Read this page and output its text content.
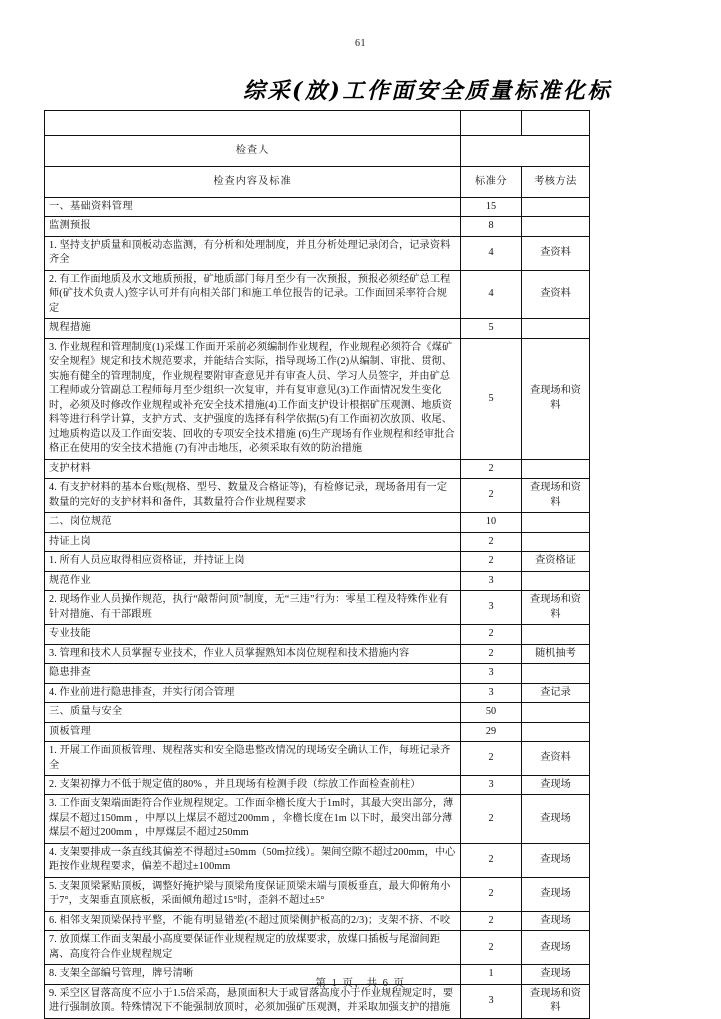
61
综采(放)工作面安全质量标准化标

检查人		
检查内容及标准	标准分	考核方法
一、基础资料管理	15	
监测预报	8	
1. 坚持支护质量和顶板动态监测，有分析和处理制度，并且分析处理记录闭合，记录资料齐全	4	查资料
2. 有工作面地质及水文地质预报，矿地质部门每月至少有一次预报，预报必须经矿总工程师(矿技术负责人)签字认可并有向相关部门和施工单位报告的记录。工作面回采率符合规定	4	查资料
规程措施	5	
3. 作业规程和管理制度(1)采煤工作面开采前必须编制作业规程，作业规程必须符合《煤矿安全规程》规定和技术规范要求，并能结合实际，指导现场工作(2)从编制、审批、贯彻、实施有健全的管理制度，作业规程要附审查意见并有审查人员、学习人员签字，并由矿总工程师或分管副总工程师每月至少组织一次复审，并有复审意见(3)工作面情况发生变化时，必须及时修改作业规程或补充安全技术措施(4)工作面支护设计根据矿压观测、地质资料等进行科学计算，支护方式、支护强度的选择有科学依据(5)有工作面初次放顶、收尾、过地质构造以及工作面安装、回收的专项安全技术措施 (6)生产现场有作业规程和经审批合格正在使用的安全技术措施 (7)有冲击地压，必须采取有效的防治措施	5	查现场和资料
支护材料	2	
4. 有支护材料的基本台账(规格、型号、数量及合格证等)，有检修记录，现场备用有一定数量的完好的支护材料和备件，其数量符合作业规程要求	2	查现场和资料
二、岗位规范	10	
持证上岗	2	
1. 所有人员应取得相应资格证，并持证上岗	2	查资格证
规范作业	3	
2. 现场作业人员操作规范，执行“敲帮问顶”制度，无“三违”行为：零星工程及特殊作业有针对措施、有干部跟班	3	查现场和资料
专业技能	2	
3. 管理和技术人员掌握专业技术，作业人员掌握熟知本岗位规程和技术措施内容	2	随机抽考
隐患排查	3	
4. 作业前进行隐患排查，并实行闭合管理	3	查记录
三、质量与安全	50	
顶板管理	29	
1. 开展工作面顶板管理、规程落实和安全隐患整改情况的现场安全确认工作，每班记录齐全	2	查资料
2. 支架初撑力不低于规定值的80% ，并且现场有检测手段（综放工作面检查前柱）	3	查现场
3. 工作面支架端面距符合作业规程规定。工作面伞檐长度大于1m时，其最大突出部分，薄煤层不超过150mm ，中厚以上煤层不超过200mm ，伞檐长度在1m 以下时，最突出部分薄煤层不超过200mm ，中厚煤层不超过250mm	2	查现场
4. 支架要排成一条直线其偏差不得超过±50mm（50m拉线）。架间空隙不超过200mm，中心距按作业规程要求，偏差不超过±100mm	2	查现场
5. 支架顶梁紧贴顶板，调整好掩护梁与顶梁角度保证顶梁末端与顶板垂直，最大仰俯角小于7°，支架垂直顶底板，采面倾角超过15°时，歪斜不超过±5°	2	查现场
6. 相邻支架顶梁保持平整，不能有明显错差(不超过顶梁侧护板高的2/3)；支架不挤、不咬	2	查现场
7. 放顶煤工作面支架最小高度要保证作业规程规定的放煤要求，放煤口插板与尾溜间距离、高度符合作业规程规定	2	查现场
8. 支架全部编号管理，牌号清晰	1	查现场
9. 采空区冒落高度不应小于1.5倍采高，悬顶面积大于或冒落高度小于作业规程规定时，要进行强制放顶。特殊情况下不能强制放顶时，必须加强矿压观测，并采取加强支护的措施	3	查现场和资料
第 1 页，共 6 页
